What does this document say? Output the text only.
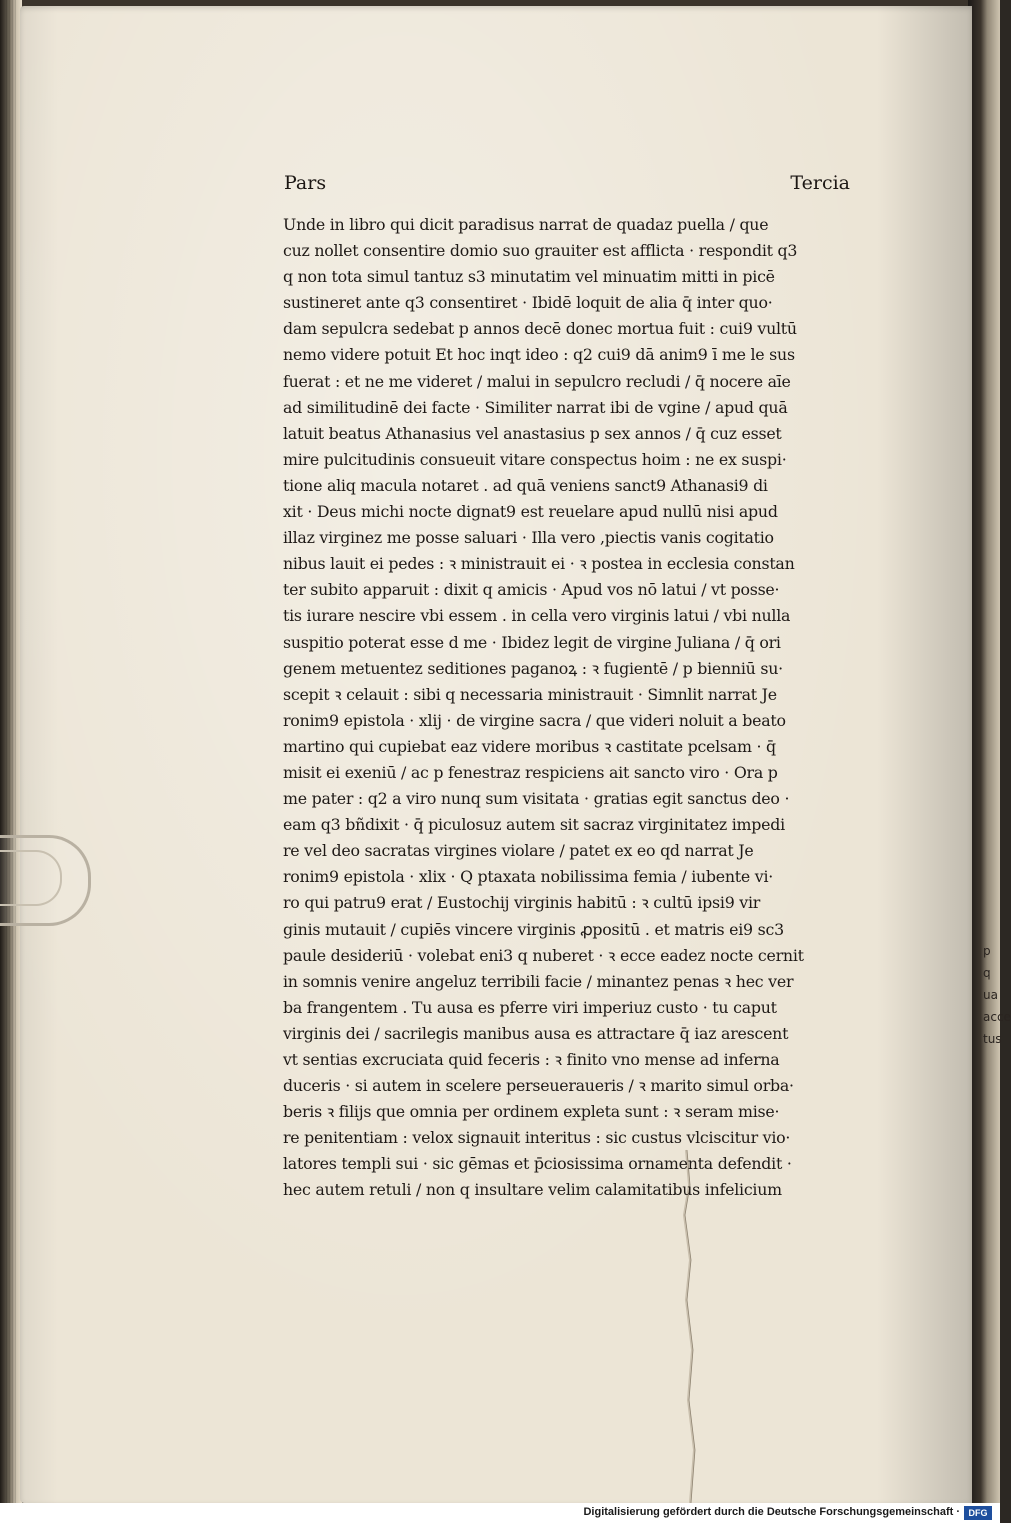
p
q
ua
acce
tus
Pars	Tercia
Unde in libro qui dicit paradisus narrat de quadaz puella / que
cuz nollet consentire domio suo grauiter est afflicta · respondit q3
q non tota simul tantuz s3 minutatim vel minuatim mitti in picē
sustineret ante q3 consentiret · Ibidē loquit de alia q̄ inter quo·
dam sepulcra sedebat p annos decē donec mortua fuit : cui9 vultū
nemo videre potuit Et hoc inqt ideo : q2 cui9 dā anim9 ī me le sus
fuerat : et ne me videret / malui in sepulcro recludi / q̄ nocere aīe
ad similitudinē dei facte · Similiter narrat ibi de vgine / apud quā
latuit beatus Athanasius vel anastasius p sex annos / q̄ cuz esset
mire pulcitudinis consueuit vitare conspectus hoim : ne ex suspi·
tione aliq macula notaret . ad quā veniens sanct9 Athanasi9 di
xit · Deus michi nocte dignat9 est reuelare apud nullū nisi apud
illaz virginez me posse saluari · Illa vero ,piectis vanis cogitatio
nibus lauit ei pedes : ꝛ ministrauit ei · ꝛ postea in ecclesia constan
ter subito apparuit : dixit q amicis · Apud vos nō latui / vt posse·
tis iurare nescire vbi essem . in cella vero virginis latui / vbi nulla
suspitio poterat esse d me · Ibidez legit de virgine Juliana / q̄ ori
genem metuentez seditiones paganoꝝ : ꝛ fugientē / p bienniū su·
scepit ꝛ celauit : sibi q necessaria ministrauit · Simnlit narrat Je
ronim9 epistola · xlij · de virgine sacra / que videri noluit a beato
martino qui cupiebat eaz videre moribus ꝛ castitate pcelsam · q̄
misit ei exeniū / ac p fenestraz respiciens ait sancto viro · Ora p
me pater : q2 a viro nunq sum visitata · gratias egit sanctus deo ·
eam q3 bñdixit · q̄ piculosuz autem sit sacraz virginitatez impedi
re vel deo sacratas virgines violare / patet ex eo qd narrat Je
ronim9 epistola · xlix · Q ptaxata nobilissima femia / iubente vi·
ro qui patru9 erat / Eustochij virginis habitū : ꝛ cultū ipsi9 vir
ginis mutauit / cupiēs vincere virginis ꝓpositū . et matris ei9 sc3
paule desideriū · volebat eni3 q nuberet · ꝛ ecce eadez nocte cernit
in somnis venire angeluz terribili facie / minantez penas ꝛ hec ver
ba frangentem . Tu ausa es pferre viri imperiuz custo · tu caput
virginis dei / sacrilegis manibus ausa es attractare q̄ iaz arescent
vt sentias excruciata quid feceris : ꝛ finito vno mense ad inferna
duceris · si autem in scelere perseueraueris / ꝛ marito simul orba·
beris ꝛ filijs que omnia per ordinem expleta sunt : ꝛ seram mise·
re penitentiam : velox signauit interitus : sic custus vlciscitur vio·
latores templi sui · sic gēmas et p̄ciosissima ornamenta defendit ·
hec autem retuli / non q insultare velim calamitatibus infelicium
Digitalisierung gefördert durch die Deutsche Forschungsgemeinschaft · DFG
